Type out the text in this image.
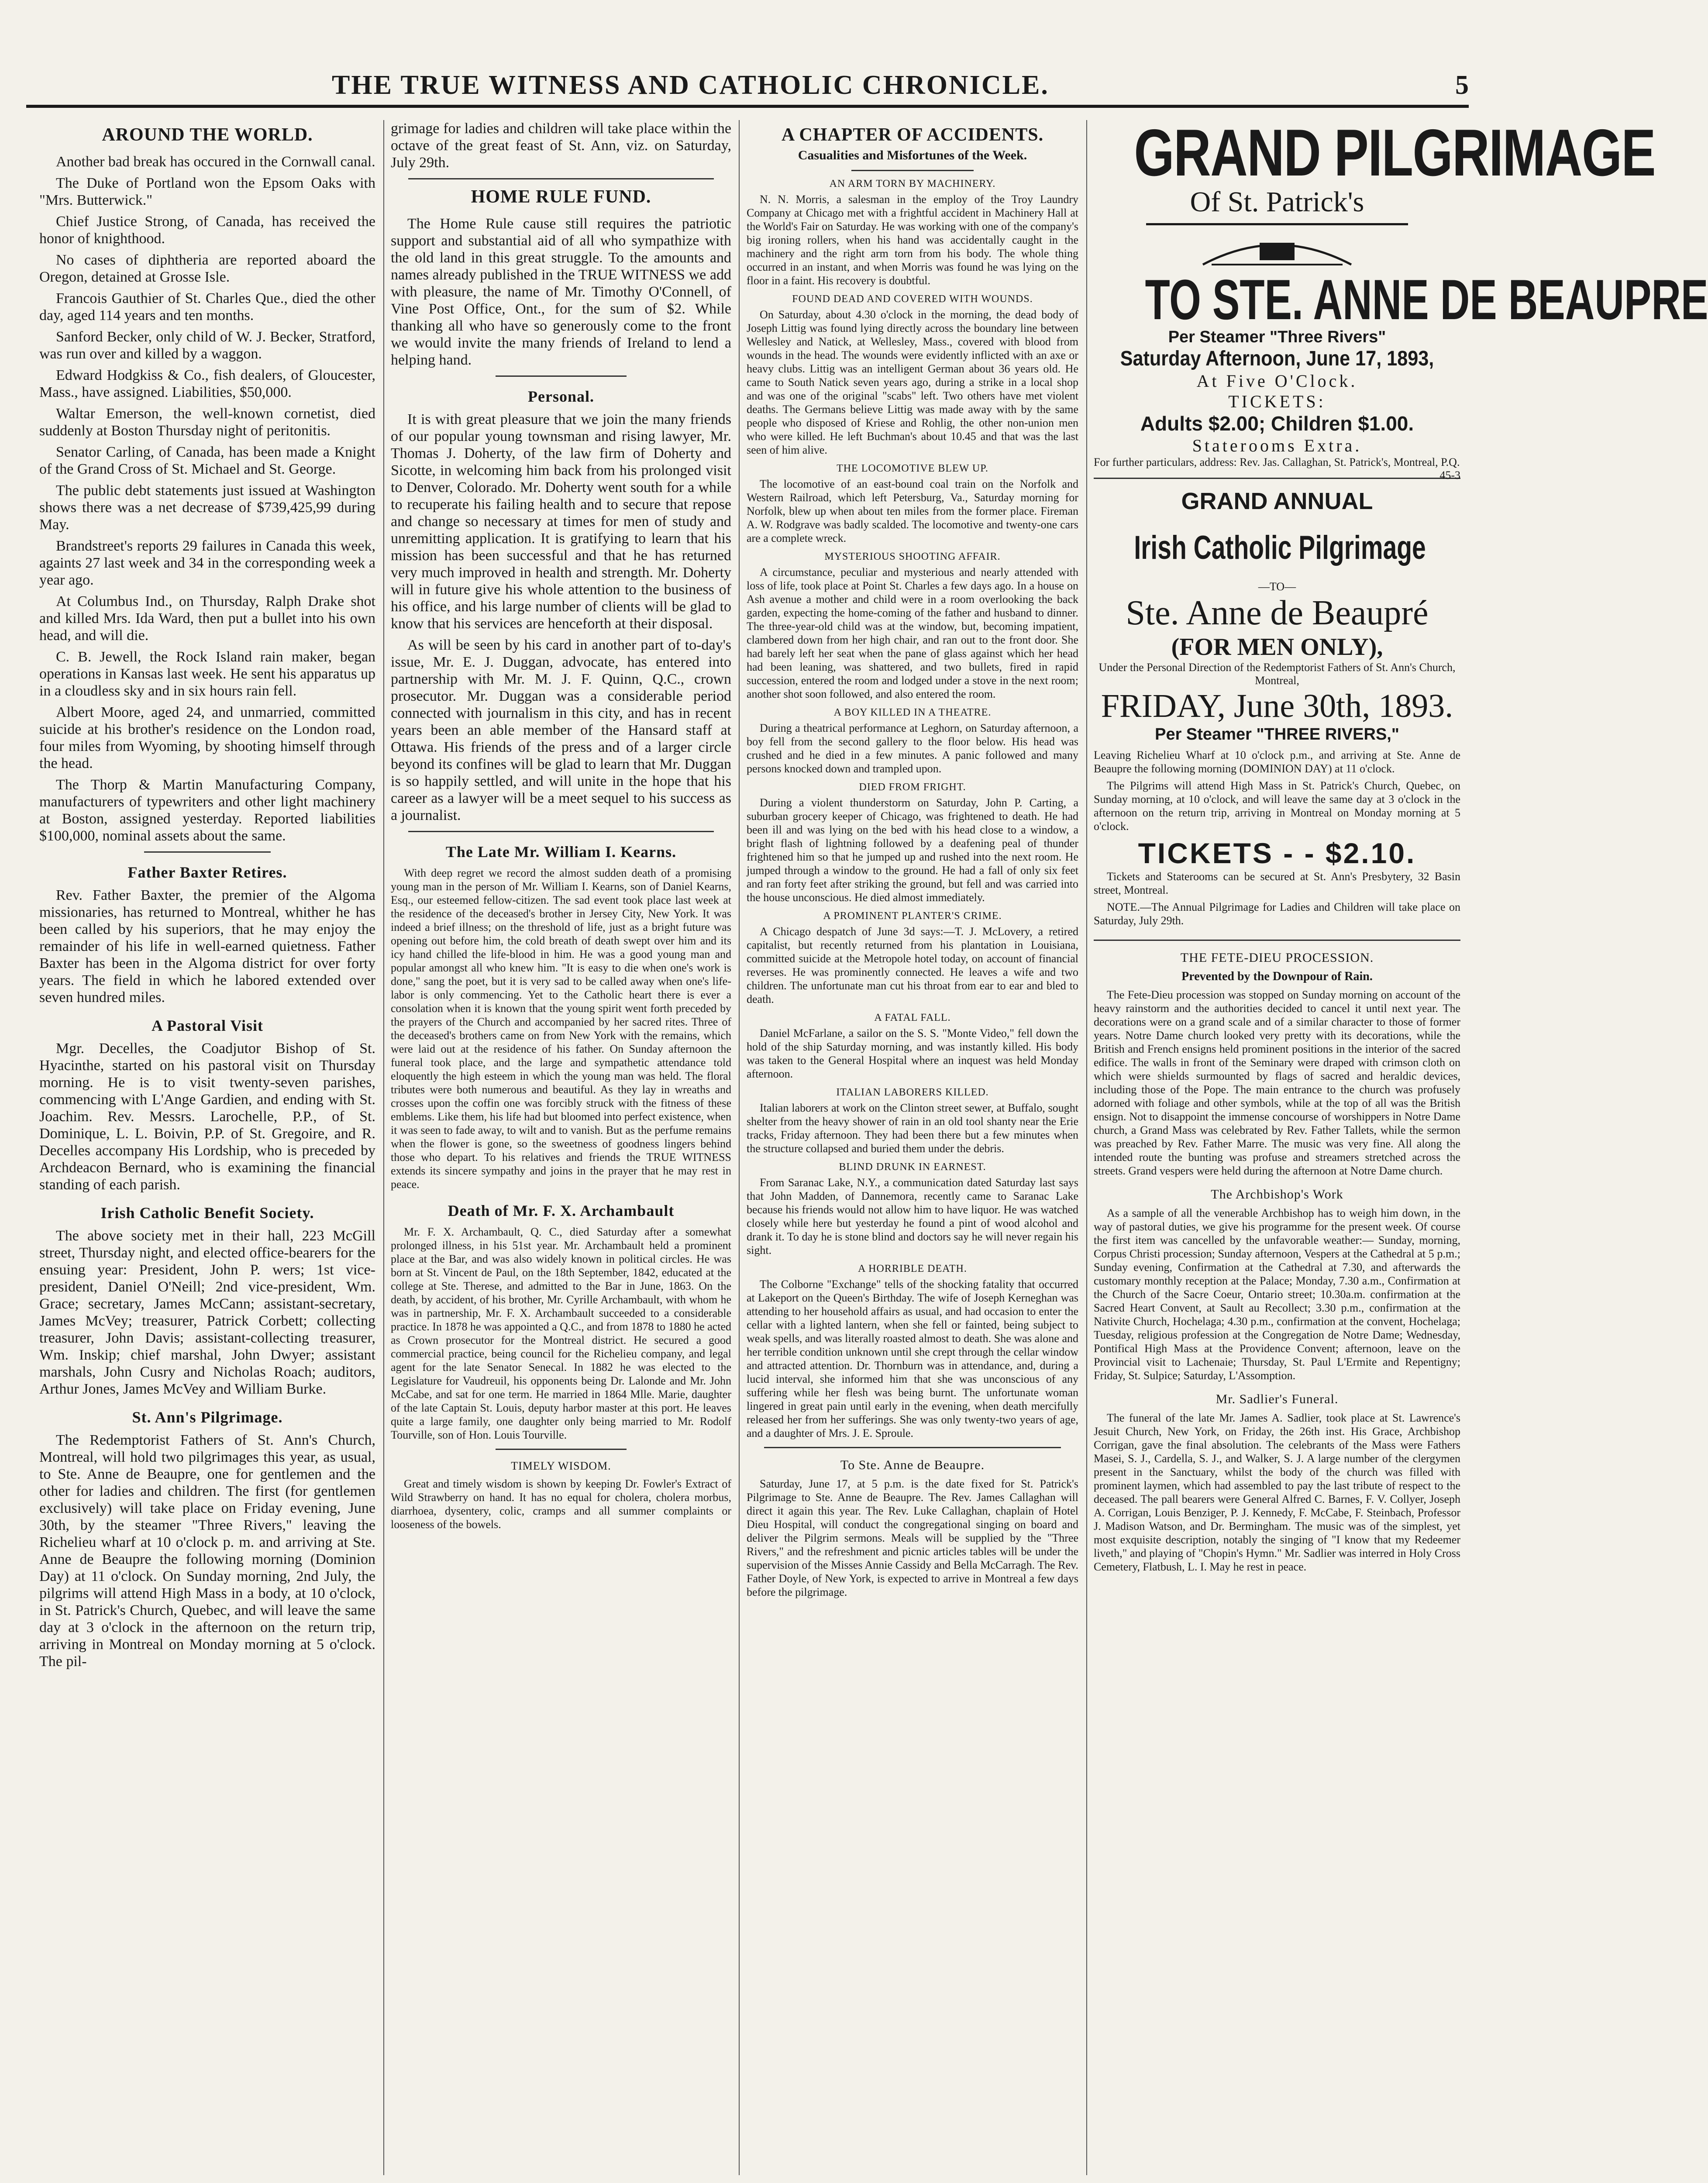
THE TRUE WITNESS AND CATHOLIC CHRONICLE.	5
AROUND THE WORLD.

Another bad break has occured in the Cornwall canal.

The Duke of Portland won the Epsom Oaks with "Mrs. Butterwick."

Chief Justice Strong, of Canada, has received the honor of knighthood.

No cases of diphtheria are reported aboard the Oregon, detained at Grosse Isle.

Francois Gauthier of St. Charles Que., died the other day, aged 114 years and ten months.

Sanford Becker, only child of W. J. Becker, Stratford, was run over and killed by a waggon.

Edward Hodgkiss & Co., fish dealers, of Gloucester, Mass., have assigned. Liabilities, $50,000.

Waltar Emerson, the well-known cornetist, died suddenly at Boston Thursday night of peritonitis.

Senator Carling, of Canada, has been made a Knight of the Grand Cross of St. Michael and St. George.

The public debt statements just issued at Washington shows there was a net decrease of $739,425,99 during May.

Brandstreet's reports 29 failures in Canada this week, againts 27 last week and 34 in the corresponding week a year ago.

At Columbus Ind., on Thursday, Ralph Drake shot and killed Mrs. Ida Ward, then put a bullet into his own head, and will die.

C. B. Jewell, the Rock Island rain maker, began operations in Kansas last week. He sent his apparatus up in a cloudless sky and in six hours rain fell.

Albert Moore, aged 24, and unmarried, committed suicide at his brother's residence on the London road, four miles from Wyoming, by shooting himself through the head.

The Thorp & Martin Manufacturing Company, manufacturers of typewriters and other light machinery at Boston, assigned yesterday. Reported liabilities $100,000, nominal assets about the same.

Father Baxter Retires.

Rev. Father Baxter, the premier of the Algoma missionaries, has returned to Montreal, whither he has been called by his superiors, that he may enjoy the remainder of his life in well-earned quietness. Father Baxter has been in the Algoma district for over forty years. The field in which he labored extended over seven hundred miles.

A Pastoral Visit

Mgr. Decelles, the Coadjutor Bishop of St. Hyacinthe, started on his pastoral visit on Thursday morning. He is to visit twenty-seven parishes, commencing with L'Ange Gardien, and ending with St. Joachim. Rev. Messrs. Larochelle, P.P., of St. Dominique, L. L. Boivin, P.P. of St. Gregoire, and R. Decelles accompany His Lordship, who is preceded by Archdeacon Bernard, who is examining the financial standing of each parish.

Irish Catholic Benefit Society.

The above society met in their hall, 223 McGill street, Thursday night, and elected office-bearers for the ensuing year: President, John P. wers; 1st vice-president, Daniel O'Neill; 2nd vice-president, Wm. Grace; secretary, James McCann; assistant-secretary, James McVey; treasurer, Patrick Corbett; collecting treasurer, John Davis; assistant-collecting treasurer, Wm. Inskip; chief marshal, John Dwyer; assistant marshals, John Cusry and Nicholas Roach; auditors, Arthur Jones, James McVey and William Burke.

St. Ann's Pilgrimage.

The Redemptorist Fathers of St. Ann's Church, Montreal, will hold two pilgrimages this year, as usual, to Ste. Anne de Beaupre, one for gentlemen and the other for ladies and children. The first (for gentlemen exclusively) will take place on Friday evening, June 30th, by the steamer "Three Rivers," leaving the Richelieu wharf at 10 o'clock p. m. and arriving at Ste. Anne de Beaupre the following morning (Dominion Day) at 11 o'clock. On Sunday morning, 2nd July, the pilgrims will attend High Mass in a body, at 10 o'clock, in St. Patrick's Church, Quebec, and will leave the same day at 3 o'clock in the afternoon on the return trip, arriving in Montreal on Monday morning at 5 o'clock. The pil-

grimage for ladies and children will take place within the octave of the great feast of St. Ann, viz. on Saturday, July 29th.

HOME RULE FUND.

The Home Rule cause still requires the patriotic support and substantial aid of all who sympathize with the old land in this great struggle. To the amounts and names already published in the TRUE WITNESS we add with pleasure, the name of Mr. Timothy O'Connell, of Vine Post Office, Ont., for the sum of $2. While thanking all who have so generously come to the front we would invite the many friends of Ireland to lend a helping hand.

Personal.

It is with great pleasure that we join the many friends of our popular young townsman and rising lawyer, Mr. Thomas J. Doherty, of the law firm of Doherty and Sicotte, in welcoming him back from his prolonged visit to Denver, Colorado. Mr. Doherty went south for a while to recuperate his failing health and to secure that repose and change so necessary at times for men of study and unremitting application. It is gratifying to learn that his mission has been successful and that he has returned very much improved in health and strength. Mr. Doherty will in future give his whole attention to the business of his office, and his large number of clients will be glad to know that his services are henceforth at their disposal.

As will be seen by his card in another part of to-day's issue, Mr. E. J. Duggan, advocate, has entered into partnership with Mr. M. J. F. Quinn, Q.C., crown prosecutor. Mr. Duggan was a considerable period connected with journalism in this city, and has in recent years been an able member of the Hansard staff at Ottawa. His friends of the press and of a larger circle beyond its confines will be glad to learn that Mr. Duggan is so happily settled, and will unite in the hope that his career as a lawyer will be a meet sequel to his success as a journalist.

The Late Mr. William I. Kearns.

With deep regret we record the almost sudden death of a promising young man in the person of Mr. William I. Kearns, son of Daniel Kearns, Esq., our esteemed fellow-citizen. The sad event took place last week at the residence of the deceased's brother in Jersey City, New York. It was indeed a brief illness; on the threshold of life, just as a bright future was opening out before him, the cold breath of death swept over him and its icy hand chilled the life-blood in him. He was a good young man and popular amongst all who knew him. "It is easy to die when one's work is done," sang the poet, but it is very sad to be called away when one's life-labor is only commencing. Yet to the Catholic heart there is ever a consolation when it is known that the young spirit went forth preceded by the prayers of the Church and accompanied by her sacred rites. Three of the deceased's brothers came on from New York with the remains, which were laid out at the residence of his father. On Sunday afternoon the funeral took place, and the large and sympathetic attendance told eloquently the high esteem in which the young man was held. The floral tributes were both numerous and beautiful. As they lay in wreaths and crosses upon the coffin one was forcibly struck with the fitness of these emblems. Like them, his life had but bloomed into perfect existence, when it was seen to fade away, to wilt and to vanish. But as the perfume remains when the flower is gone, so the sweetness of goodness lingers behind those who depart. To his relatives and friends the TRUE WITNESS extends its sincere sympathy and joins in the prayer that he may rest in peace.

Death of Mr. F. X. Archambault

Mr. F. X. Archambault, Q. C., died Saturday after a somewhat prolonged illness, in his 51st year. Mr. Archambault held a prominent place at the Bar, and was also widely known in political circles. He was born at St. Vincent de Paul, on the 18th September, 1842, educated at the college at Ste. Therese, and admitted to the Bar in June, 1863. On the death, by accident, of his brother, Mr. Cyrille Archambault, with whom he was in partnership, Mr. F. X. Archambault succeeded to a considerable practice. In 1878 he was appointed a Q.C., and from 1878 to 1880 he acted as Crown prosecutor for the Montreal district. He secured a good commercial practice, being council for the Richelieu company, and legal agent for the late Senator Senecal. In 1882 he was elected to the Legislature for Vaudreuil, his opponents being Dr. Lalonde and Mr. John McCabe, and sat for one term. He married in 1864 Mlle. Marie, daughter of the late Captain St. Louis, deputy harbor master at this port. He leaves quite a large family, one daughter only being married to Mr. Rodolf Tourville, son of Hon. Louis Tourville.

TIMELY WISDOM.

Great and timely wisdom is shown by keeping Dr. Fowler's Extract of Wild Strawberry on hand. It has no equal for cholera, cholera morbus, diarrhoea, dysentery, colic, cramps and all summer complaints or looseness of the bowels.

A CHAPTER OF ACCIDENTS.
Casualities and Misfortunes of the Week.
AN ARM TORN BY MACHINERY.

N. N. Morris, a salesman in the employ of the Troy Laundry Company at Chicago met with a frightful accident in Machinery Hall at the World's Fair on Saturday. He was working with one of the company's big ironing rollers, when his hand was accidentally caught in the machinery and the right arm torn from his body. The whole thing occurred in an instant, and when Morris was found he was lying on the floor in a faint. His recovery is doubtful.

FOUND DEAD AND COVERED WITH WOUNDS.

On Saturday, about 4.30 o'clock in the morning, the dead body of Joseph Littig was found lying directly across the boundary line between Wellesley and Natick, at Wellesley, Mass., covered with blood from wounds in the head. The wounds were evidently inflicted with an axe or heavy clubs. Littig was an intelligent German about 36 years old. He came to South Natick seven years ago, during a strike in a local shop and was one of the original "scabs" left. Two others have met violent deaths. The Germans believe Littig was made away with by the same people who disposed of Kriese and Rohlig, the other non-union men who were killed. He left Buchman's about 10.45 and that was the last seen of him alive.

THE LOCOMOTIVE BLEW UP.

The locomotive of an east-bound coal train on the Norfolk and Western Railroad, which left Petersburg, Va., Saturday morning for Norfolk, blew up when about ten miles from the former place. Fireman A. W. Rodgrave was badly scalded. The locomotive and twenty-one cars are a complete wreck.

MYSTERIOUS SHOOTING AFFAIR.

A circumstance, peculiar and mysterious and nearly attended with loss of life, took place at Point St. Charles a few days ago. In a house on Ash avenue a mother and child were in a room overlooking the back garden, expecting the home-coming of the father and husband to dinner. The three-year-old child was at the window, but, becoming impatient, clambered down from her high chair, and ran out to the front door. She had barely left her seat when the pane of glass against which her head had been leaning, was shattered, and two bullets, fired in rapid succession, entered the room and lodged under a stove in the next room; another shot soon followed, and also entered the room.

A BOY KILLED IN A THEATRE.

During a theatrical performance at Leghorn, on Saturday afternoon, a boy fell from the second gallery to the floor below. His head was crushed and he died in a few minutes. A panic followed and many persons knocked down and trampled upon.

DIED FROM FRIGHT.

During a violent thunderstorm on Saturday, John P. Carting, a suburban grocery keeper of Chicago, was frightened to death. He had been ill and was lying on the bed with his head close to a window, a bright flash of lightning followed by a deafening peal of thunder frightened him so that he jumped up and rushed into the next room. He jumped through a window to the ground. He had a fall of only six feet and ran forty feet after striking the ground, but fell and was carried into the house unconscious. He died almost immediately.

A PROMINENT PLANTER'S CRIME.

A Chicago despatch of June 3d says:—T. J. McLovery, a retired capitalist, but recently returned from his plantation in Louisiana, committed suicide at the Metropole hotel today, on account of financial reverses. He was prominently connected. He leaves a wife and two children. The unfortunate man cut his throat from ear to ear and bled to death.

A FATAL FALL.

Daniel McFarlane, a sailor on the S. S. "Monte Video," fell down the hold of the ship Saturday morning, and was instantly killed. His body was taken to the General Hospital where an inquest was held Monday afternoon.

ITALIAN LABORERS KILLED.

Italian laborers at work on the Clinton street sewer, at Buffalo, sought shelter from the heavy shower of rain in an old tool shanty near the Erie tracks, Friday afternoon. They had been there but a few minutes when the structure collapsed and buried them under the debris.

BLIND DRUNK IN EARNEST.

From Saranac Lake, N.Y., a communication dated Saturday last says that John Madden, of Dannemora, recently came to Saranac Lake because his friends would not allow him to have liquor. He was watched closely while here but yesterday he found a pint of wood alcohol and drank it. To day he is stone blind and doctors say he will never regain his sight.

A HORRIBLE DEATH.

The Colborne "Exchange" tells of the shocking fatality that occurred at Lakeport on the Queen's Birthday. The wife of Joseph Kerneghan was attending to her household affairs as usual, and had occasion to enter the cellar with a lighted lantern, when she fell or fainted, being subject to weak spells, and was literally roasted almost to death. She was alone and her terrible condition unknown until she crept through the cellar window and attracted attention. Dr. Thornburn was in attendance, and, during a lucid interval, she informed him that she was unconscious of any suffering while her flesh was being burnt. The unfortunate woman lingered in great pain until early in the evening, when death mercifully released her from her sufferings. She was only twenty-two years of age, and a daughter of Mrs. J. E. Sproule.

To Ste. Anne de Beaupre.

Saturday, June 17, at 5 p.m. is the date fixed for St. Patrick's Pilgrimage to Ste. Anne de Beaupre. The Rev. James Callaghan will direct it again this year. The Rev. Luke Callaghan, chaplain of Hotel Dieu Hospital, will conduct the congregational singing on board and deliver the Pilgrim sermons. Meals will be supplied by the "Three Rivers," and the refreshment and picnic articles tables will be under the supervision of the Misses Annie Cassidy and Bella McCarragh. The Rev. Father Doyle, of New York, is expected to arrive in Montreal a few days before the pilgrimage.

GRAND PILGRIMAGE
Of St. Patrick's
TO STE. ANNE DE BEAUPRE
Per Steamer "Three Rivers"
Saturday Afternoon, June 17, 1893,
At Five O'Clock.
TICKETS:
Adults $2.00; Children $1.00.
Staterooms Extra.
For further particulars, address: Rev. Jas. Callaghan, St. Patrick's, Montreal, P.Q.
45-3
GRAND ANNUAL
Irish Catholic Pilgrimage
—TO—
Ste. Anne de Beaupré
(FOR MEN ONLY),
Under the Personal Direction of the Redemptorist Fathers of St. Ann's Church, Montreal,
FRIDAY, June 30th, 1893.
Per Steamer "THREE RIVERS,"

Leaving Richelieu Wharf at 10 o'clock p.m., and arriving at Ste. Anne de Beaupre the following morning (DOMINION DAY) at 11 o'clock.

The Pilgrims will attend High Mass in St. Patrick's Church, Quebec, on Sunday morning, at 10 o'clock, and will leave the same day at 3 o'clock in the afternoon on the return trip, arriving in Montreal on Monday morning at 5 o'clock.

TICKETS - - $2.10.

Tickets and Staterooms can be secured at St. Ann's Presbytery, 32 Basin street, Montreal.

NOTE.—The Annual Pilgrimage for Ladies and Children will take place on Saturday, July 29th.

THE FETE-DIEU PROCESSION.
Prevented by the Downpour of Rain.

The Fete-Dieu procession was stopped on Sunday morning on account of the heavy rainstorm and the authorities decided to cancel it until next year. The decorations were on a grand scale and of a similar character to those of former years. Notre Dame church looked very pretty with its decorations, while the British and French ensigns held prominent positions in the interior of the sacred edifice. The walls in front of the Seminary were draped with crimson cloth on which were shields surmounted by flags of sacred and heraldic devices, including those of the Pope. The main entrance to the church was profusely adorned with foliage and other symbols, while at the top of all was the British ensign. Not to disappoint the immense concourse of worshippers in Notre Dame church, a Grand Mass was celebrated by Rev. Father Tallets, while the sermon was preached by Rev. Father Marre. The music was very fine. All along the intended route the bunting was profuse and streamers stretched across the streets. Grand vespers were held during the afternoon at Notre Dame church.

The Archbishop's Work

As a sample of all the venerable Archbishop has to weigh him down, in the way of pastoral duties, we give his programme for the present week. Of course the first item was cancelled by the unfavorable weather:— Sunday, morning, Corpus Christi procession; Sunday afternoon, Vespers at the Cathedral at 5 p.m.; Sunday evening, Confirmation at the Cathedral at 7.30, and afterwards the customary monthly reception at the Palace; Monday, 7.30 a.m., Confirmation at the Church of the Sacre Coeur, Ontario street; 10.30a.m. confirmation at the Sacred Heart Convent, at Sault au Recollect; 3.30 p.m., confirmation at the Nativite Church, Hochelaga; 4.30 p.m., confirmation at the convent, Hochelaga; Tuesday, religious profession at the Congregation de Notre Dame; Wednesday, Pontifical High Mass at the Providence Convent; afternoon, leave on the Provincial visit to Lachenaie; Thursday, St. Paul L'Ermite and Repentigny; Friday, St. Sulpice; Saturday, L'Assomption.

Mr. Sadlier's Funeral.

The funeral of the late Mr. James A. Sadlier, took place at St. Lawrence's Jesuit Church, New York, on Friday, the 26th inst. His Grace, Archbishop Corrigan, gave the final absolution. The celebrants of the Mass were Fathers Masei, S. J., Cardella, S. J., and Walker, S. J. A large number of the clergymen present in the Sanctuary, whilst the body of the church was filled with prominent laymen, which had assembled to pay the last tribute of respect to the deceased. The pall bearers were General Alfred C. Barnes, F. V. Collyer, Joseph A. Corrigan, Louis Benziger, P. J. Kennedy, F. McCabe, F. Steinbach, Professor J. Madison Watson, and Dr. Bermingham. The music was of the simplest, yet most exquisite description, notably the singing of "I know that my Redeemer liveth," and playing of "Chopin's Hymn." Mr. Sadlier was interred in Holy Cross Cemetery, Flatbush, L. I. May he rest in peace.
